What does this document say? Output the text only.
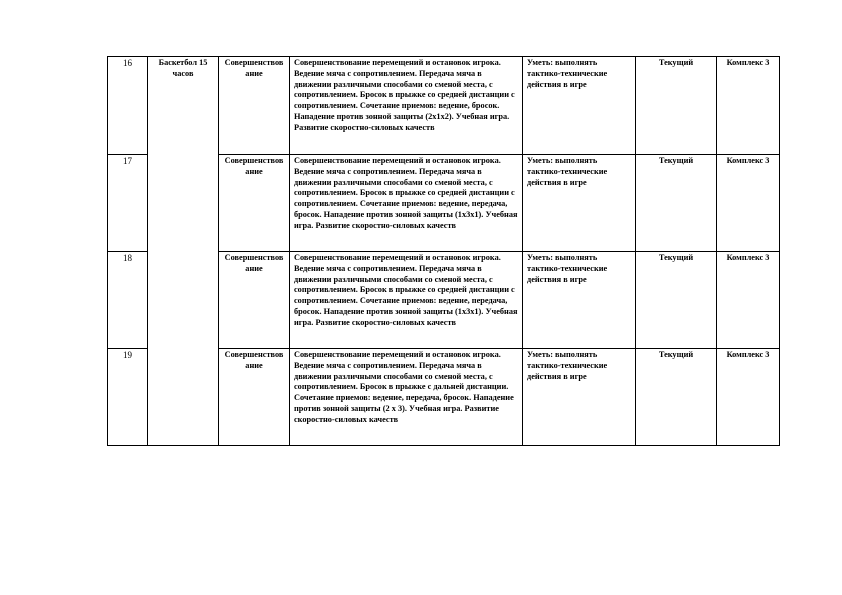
16	Баскетбол 15 часов	Совершенствование	Совершенствование перемещений и остановок игрока. Ведение мяча с сопротивлением. Передача мяча в движении различными способами со сменой места, с сопротивлением. Бросок в прыжке со средней дистанции с сопротивлением. Сочетание приемов: ведение, бросок. Нападение против зонной защиты (2х1х2). Учебная игра. Развитие скоростно-силовых качеств	Уметь: выполнять тактико-технические действия в игре	Текущий	Комплекс 3
17		Совершенствование	Совершенствование перемещений и остановок игрока. Ведение мяча с сопротивлением. Передача мяча в движении различными способами со сменой места, с сопротивлением. Бросок в прыжке со средней дистанции с сопротивлением. Сочетание приемов: ведение, передача, бросок. Нападение против зонной защиты (1х3х1). Учебная игра. Развитие скоростно-силовых качеств	Уметь: выполнять тактико-технические действия в игре	Текущий	Комплекс 3
18		Совершенствование	Совершенствование перемещений и остановок игрока. Ведение мяча с сопротивлением. Передача мяча в движении различными способами со сменой места, с сопротивлением. Бросок в прыжке со средней дистанции с сопротивлением. Сочетание приемов: ведение, передача, бросок. Нападение против зонной защиты (1х3х1). Учебная игра. Развитие скоростно-силовых качеств	Уметь: выполнять тактико-технические действия в игре	Текущий	Комплекс 3
19		Совершенствование	Совершенствование перемещений и остановок игрока. Ведение мяча с сопротивлением. Передача мяча в движении различными способами со сменой места, с сопротивлением. Бросок в прыжке с дальней дистанции. Сочетание приемов: ведение, передача, бросок. Нападение против зонной защиты (2 х 3). Учебная игра. Развитие скоростно-силовых качеств	Уметь: выполнять тактико-технические действия в игре	Текущий	Комплекс 3
